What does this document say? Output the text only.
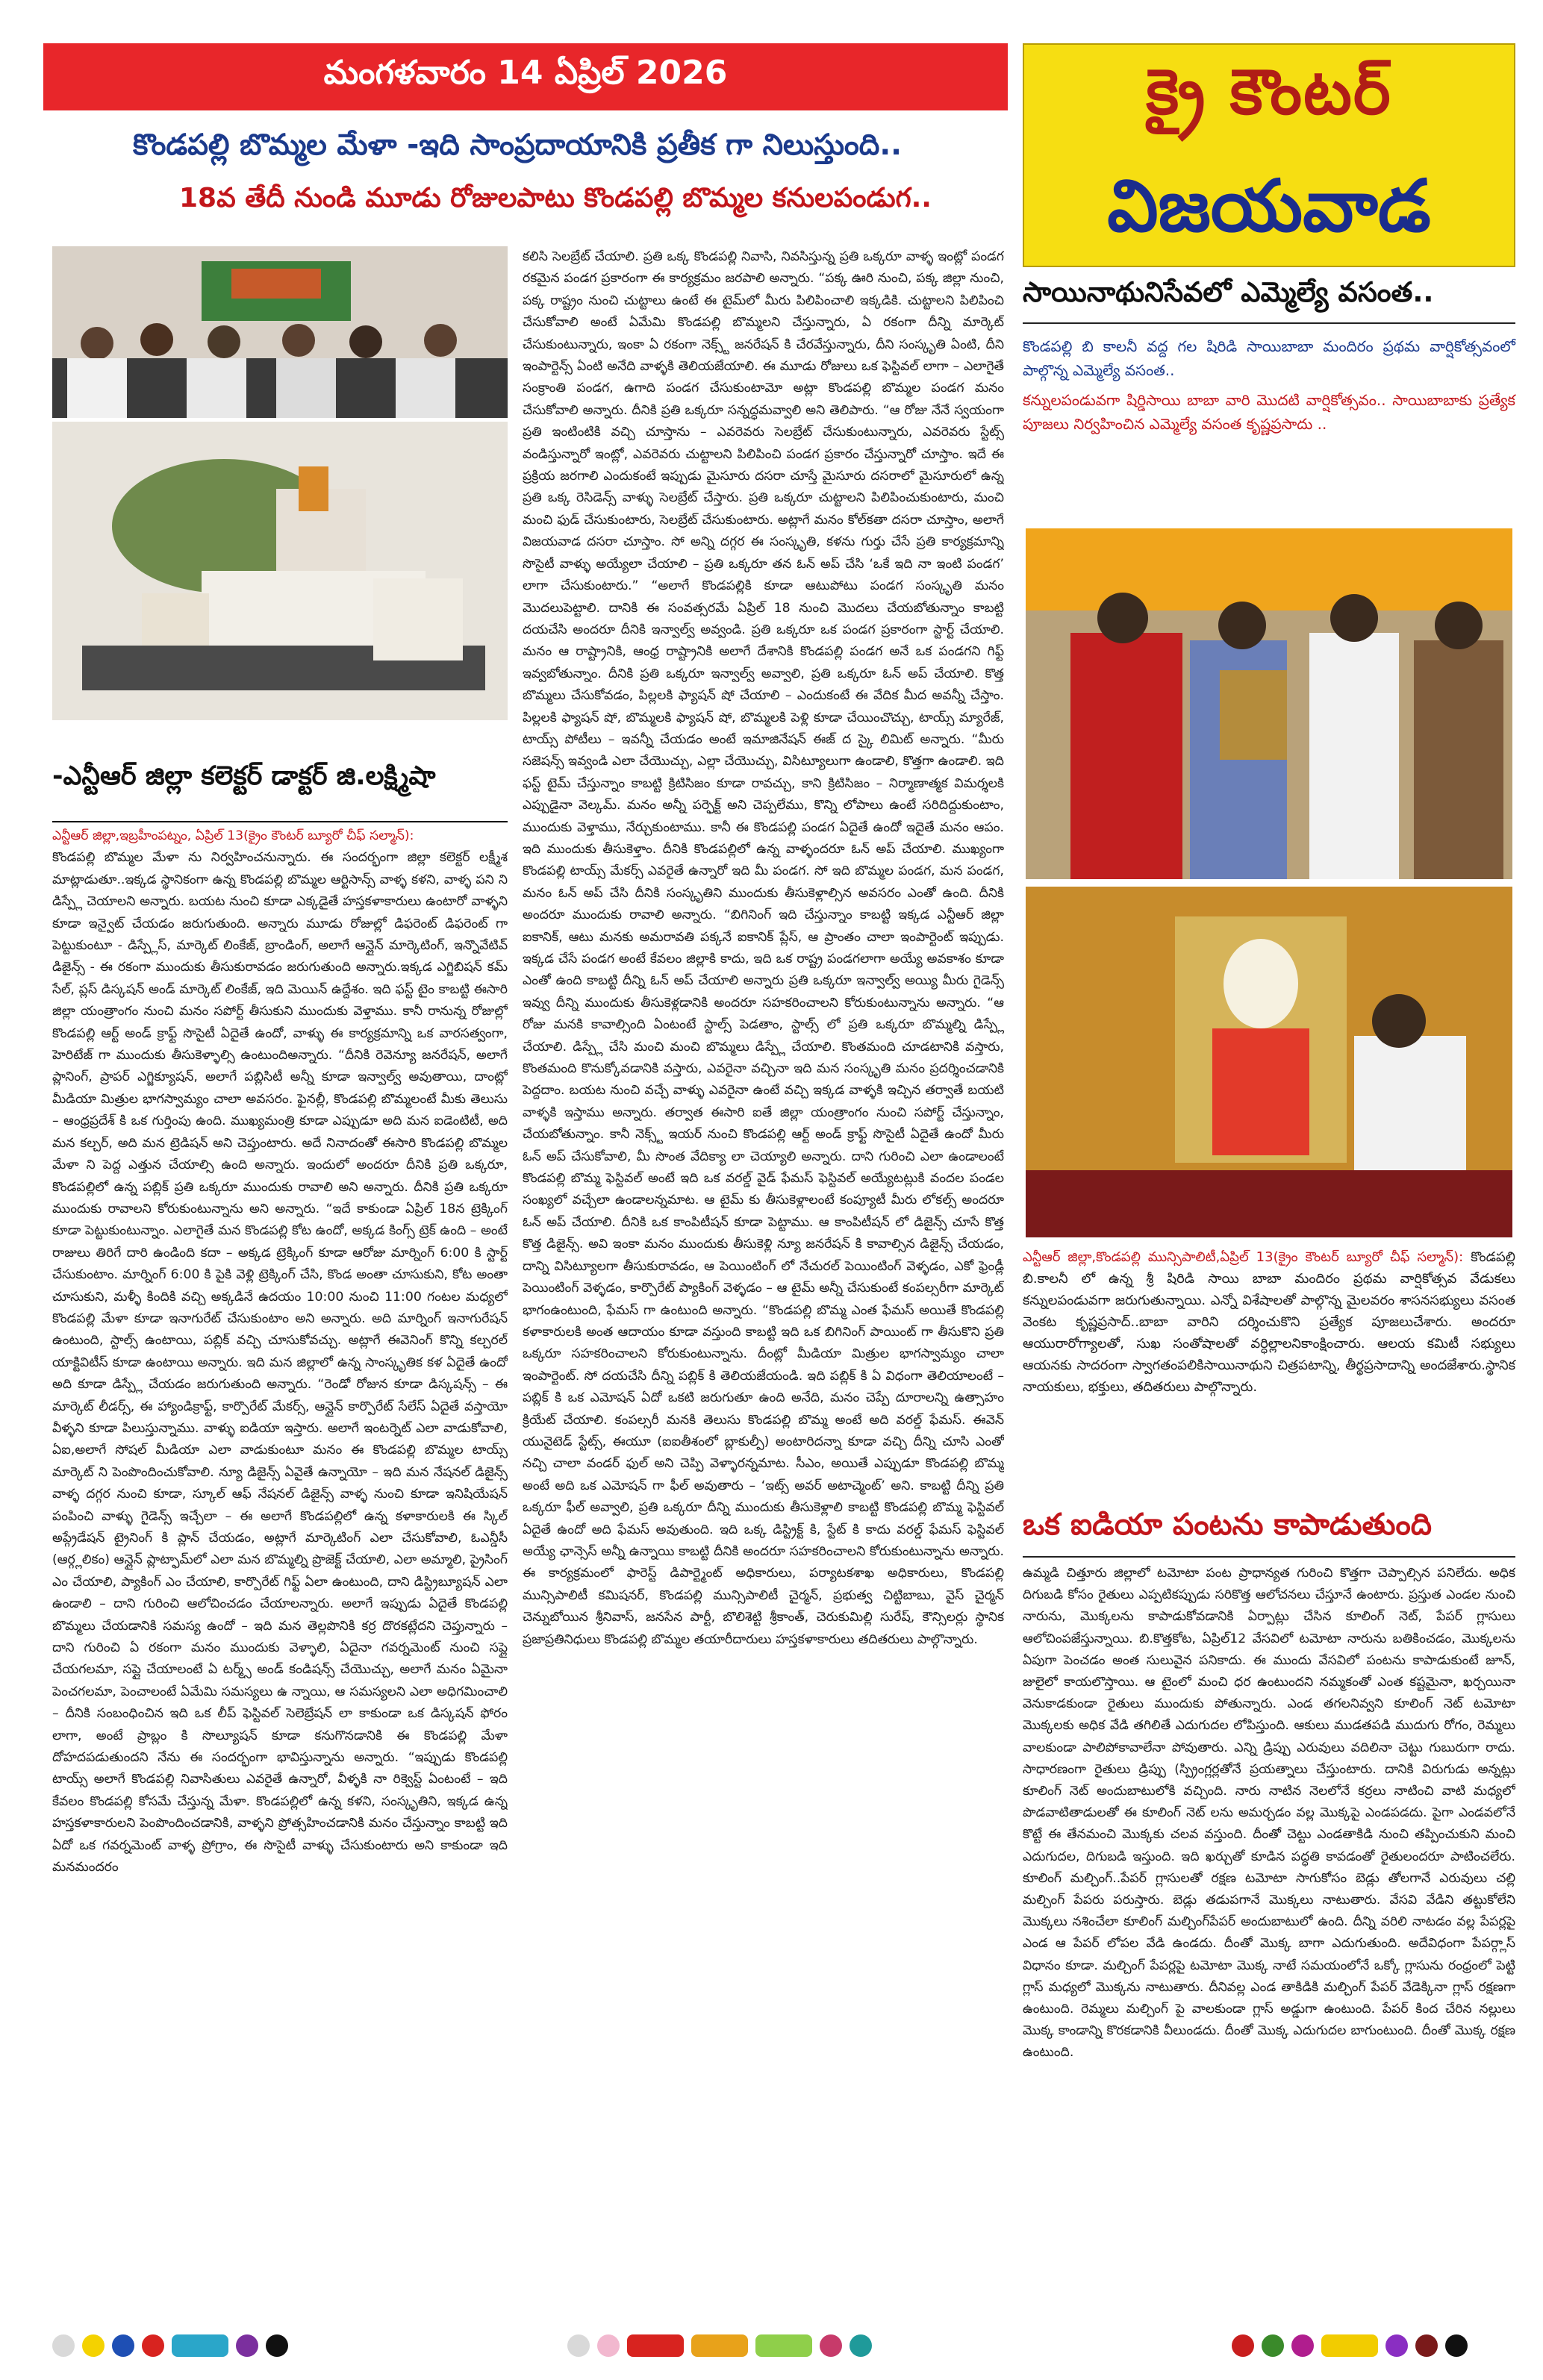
మంగళవారం 14 ఏప్రిల్ 2026	క్రై కౌంటర్
విజయవాడ
కొండపల్లి బొమ్మల మేళా -ఇది సాంప్రదాయానికి ప్రతీక గా నిలుస్తుంది..
18వ తేదీ నుండి మూడు రోజులపాటు కొండపల్లి బొమ్మల కనులపండుగ..
-ఎన్టీఆర్ జిల్లా కలెక్టర్ డాక్టర్ జి.లక్ష్మిషా

ఎన్టీఆర్ జిల్లా,ఇబ్రహీంపట్నం, ఏప్రిల్ 13(క్రైం కౌంటర్ బ్యూరో చీఫ్ సల్మాన్):

కొండపల్లి బొమ్మల మేళా ను నిర్వహించనున్నారు. ఈ సందర్భంగా జిల్లా కలెక్టర్ లక్ష్మీశ మాట్లాడుతూ..ఇక్కడ స్థానికంగా ఉన్న కొండపల్లి బొమ్మల ఆర్టిసాన్స్ వాళ్ళ కళని, వాళ్ళ పని ని డిస్ప్లే చెయాలని అన్నారు. బయట నుంచి కూడా ఎక్కడైతే హస్తకళాకారులు ఉంటారో వాళ్ళని కూడా ఇన్వైట్ చేయడం జరుగుతుంది. అన్నారు మూడు రోజుల్లో డిఫరెంట్ డిఫరెంట్ గా పెట్టుకుంటూ - డిస్ప్లేస్, మార్కెట్ లింకేజ్, బ్రాండింగ్, అలాగే ఆన్లైన్ మార్కెటింగ్, ఇన్నొవేటివ్ డిజైన్స్ - ఈ రకంగా ముందుకు తీసుకురావడం జరుగుతుంది అన్నారు.ఇక్కడ ఎగ్జిబిషన్ కమ్ సేల్, ప్లస్ డిస్కషన్ అండ్ మార్కెట్ లింకేజ్, ఇది మెయిన్ ఉద్దేశం. ఇది ఫస్ట్ టైం కాబట్టి ఈసారి జిల్లా యంత్రాంగం నుంచి మనం సపోర్ట్ తీసుకుని ముందుకు వెళ్తాము. కానీ రానున్న రోజుల్లో కొండపల్లి ఆర్ట్ అండ్ క్రాఫ్ట్ సొసైటీ ఏదైతే ఉందో, వాళ్ళు ఈ కార్యక్రమాన్ని ఒక వారసత్వంగా, హెరిటేజ్ గా ముందుకు తీసుకెళ్ళాల్సి ఉంటుందిఅన్నారు. “దీనికి రెవెన్యూ జనరేషన్, అలాగే ప్లానింగ్, ప్రాపర్ ఎగ్జిక్యూషన్, అలాగే పబ్లిసిటీ అన్నీ కూడా ఇన్వాల్వ్ అవుతాయి, దాంట్లో మీడియా మిత్రుల భాగస్వామ్యం చాలా అవసరం. ఫైనల్లీ, కొండపల్లి బొమ్మలంటే మీకు తెలుసు – ఆంధ్రప్రదేశ్ కి ఒక గుర్తింపు ఉంది. ముఖ్యమంత్రి కూడా ఎప్పుడూ అది మన ఐడెంటిటీ, అది మన కల్చర్, అది మన ట్రెడిషన్ అని చెప్తుంటారు. అదే నినాదంతో ఈసారి కొండపల్లి బొమ్మల మేళా ని పెద్ద ఎత్తున చేయాల్సి ఉంది అన్నారు. ఇందులో అందరూ దీనికి ప్రతి ఒక్కరూ, కొండపల్లిలో ఉన్న పబ్లిక్ ప్రతి ఒక్కరూ ముందుకు రావాలి అని అన్నారు. దీనికి ప్రతి ఒక్కరూ ముందుకు రావాలని కోరుకుంటున్నాను అని అన్నారు. “ఇదే కాకుండా ఏప్రిల్ 18న ట్రెక్కింగ్ కూడా పెట్టుకుంటున్నాం. ఎలాగైతే మన కొండపల్లి కోట ఉందో, అక్కడ కింగ్స్ ట్రెక్ ఉంది – అంటే రాజులు తిరిగే దారి ఉండింది కదా – అక్కడ ట్రెక్కింగ్ కూడా ఆరోజు మార్నింగ్ 6:00 కి స్టార్ట్ చేసుకుంటాం. మార్నింగ్ 6:00 కి పైకి వెళ్లి ట్రెక్కింగ్ చేసి, కొండ అంతా చూసుకుని, కోట అంతా చూసుకుని, మళ్ళీ కిందికి వచ్చి అక్కడినే ఉదయం 10:00 నుంచి 11:00 గంటల మధ్యలో కొండపల్లి మేళా కూడా ఇనాగురేట్ చేసుకుంటాం అని అన్నారు. అది మార్నింగ్ ఇనాగురేషన్ ఉంటుంది, స్టాల్స్ ఉంటాయి, పబ్లిక్ వచ్చి చూసుకోవచ్చు. అట్లాగే ఈవెనింగ్ కొన్ని కల్చరల్ యాక్టివిటీస్ కూడా ఉంటాయి అన్నారు. ఇది మన జిల్లాలో ఉన్న సాంస్కృతిక కళ ఏదైతే ఉందో అది కూడా డిస్ప్లే చేయడం జరుగుతుంది అన్నారు. “రెండో రోజున కూడా డిస్కషన్స్ – ఈ మార్కెట్ లీడర్స్, ఈ హ్యాండిక్రాఫ్ట్, కార్పొరేట్ మేకర్స్, ఆన్లైన్ కార్పొరేట్ సేలేస్ ఏదైతే వస్తాయో వీళ్ళని కూడా పిలుస్తున్నాము. వాళ్ళు ఐడియా ఇస్తారు. అలాగే ఇంటర్నెట్ ఎలా వాడుకోవాలి, ఏఐ,అలాగే సోషల్ మీడియా ఎలా వాడుకుంటూ మనం ఈ కొండపల్లి బొమ్మల టాయ్స్ మార్కెట్ ని పెంపొందించుకోవాలి. న్యూ డిజైన్స్ ఏవైతే ఉన్నాయో – ఇది మన నేషనల్ డిజైన్స్ వాళ్ళ దగ్గర నుంచి కూడా, స్కూల్ ఆఫ్ నేషనల్ డిజైన్స్ వాళ్ళ నుంచి కూడా ఇనిషియేషన్ పంపించి వాళ్ళు గైడెన్స్ ఇచ్చేలా – ఈ అలాగే కొండపల్లిలో ఉన్న కళాకారులకి ఈ స్కిల్ అప్గ్రేడేషన్ ట్రైనింగ్ కి ప్లాన్ చేయడం, అట్లాగే మార్కెటింగ్ ఎలా చేసుకోవాలి, ఓఎన్డీసీ (ఆర్గ్లలికం) ఆన్లైన్ ప్లాట్ఫామ్‌లో ఎలా మన బొమ్మల్ని ప్రొజెక్ట్ చేయాలి, ఎలా అమ్మాలి, ప్రైసింగ్ ఎం చేయాలి, ప్యాకింగ్ ఎం చేయాలి, కార్పొరేట్ గిఫ్ట్ ఏలా ఉంటుంది, దాని డిస్ట్రిబ్యూషన్ ఎలా ఉండాలి – దాని గురించి ఆలోచించడం చేయాలన్నారు. అలాగే ఇప్పుడు ఏదైతే కొండపల్లి బొమ్మలు చేయడానికి సమస్య ఉందో – ఇది మన తెల్లపొనికి కర్ర దొరకట్లేదని చెప్తున్నారు – దాని గురించి ఏ రకంగా మనం ముందుకు వెళ్ళాలి, ఏదైనా గవర్నమెంట్ నుంచి సప్లై చేయగలమా, సప్లై చేయాలంటే ఏ టర్మ్స్ అండ్ కండిషన్స్ చేయొచ్చు, అలాగే మనం ఏమైనా పెంచగలమా, పెంచాలంటే ఏమేమి సమస్యలు ఉ న్నాయి, ఆ సమస్యలని ఎలా అధిగమించాలి – దీనికి సంబంధించిన ఇది ఒక లీప్ ఫెస్టివల్ సెలెబ్రేషన్ లా కాకుండా ఒక డిస్కషన్ ఫోరం లాగా, అంటే ప్రాబ్లం కి సొల్యూషన్ కూడా కనుగొనడానికి ఈ కొండపల్లి మేళా దోహదపడుతుందని నేను ఈ సందర్భంగా భావిస్తున్నాను అన్నారు. “ఇప్పుడు కొండపల్లి టాయ్స్ అలాగే కొండపల్లి నివాసితులు ఎవరైతే ఉన్నారో, వీళ్ళకి నా రిక్వెస్ట్ ఏంటంటే – ఇది కేవలం కొండపల్లి కోసమే చేస్తున్న మేళా. కొండపల్లిలో ఉన్న కళని, సంస్కృతిని, ఇక్కడ ఉన్న హస్తకళాకారులని పెంపొందించడానికి, వాళ్ళని ప్రోత్సహించడానికి మనం చేస్తున్నాం కాబట్టి ఇది ఏదో ఒక గవర్నమెంట్ వాళ్ళ ప్రోగ్రాం, ఈ సొసైటీ వాళ్ళు చేసుకుంటారు అని కాకుండా ఇది మనమందరం

కలిసి సెలబ్రేట్ చేయాలి. ప్రతి ఒక్క కొండపల్లి నివాసి, నివసిస్తున్న ప్రతి ఒక్కరూ వాళ్ళ ఇంట్లో పండగ రకమైన పండగ ప్రకారంగా ఈ కార్యక్రమం జరపాలి అన్నారు. “పక్క ఊరి నుంచి, పక్క జిల్లా నుంచి, పక్క రాష్ట్రం నుంచి చుట్టాలు ఉంటే ఈ టైమ్‌లో మీరు పిలిపించాలి ఇక్కడికి. చుట్టాలని పిలిపించి చేసుకోవాలి అంటే ఏమేమి కొండపల్లి బొమ్మలని చేస్తున్నారు, ఏ రకంగా దీన్ని మార్కెట్ చేసుకుంటున్నారు, ఇంకా ఏ రకంగా నెక్స్ట్ జనరేషన్ కి చేరవేస్తున్నారు, దీని సంస్కృతి ఏంటి, దీని ఇంపార్టెన్స్ ఏంటి అనేది వాళ్ళకి తెలియజేయాలి. ఈ మూడు రోజులు ఒక ఫెస్టివల్ లాగా – ఎలాగైతే సంక్రాంతి పండగ, ఉగాది పండగ చేసుకుంటామో అట్లా కొండపల్లి బొమ్మల పండగ మనం చేసుకోవాలి అన్నారు. దీనికి ప్రతి ఒక్కరూ సన్నద్ధమవ్వాలి అని తెలిపారు. “ఆ రోజు నేనే స్వయంగా ప్రతి ఇంటింటికి వచ్చి చూస్తాను – ఎవరెవరు సెలబ్రేట్ చేసుకుంటున్నారు, ఎవరెవరు స్టేట్స్ వండిస్తున్నారో ఇంట్లో, ఎవరెవరు చుట్టాలని పిలిపించి పండగ ప్రకారం చేస్తున్నారో చూస్తాం. ఇదే ఈ ప్రక్రియ జరగాలి ఎందుకంటే ఇప్పుడు మైసూరు దసరా చూస్తే మైసూరు దసరాలో మైసూరులో ఉన్న ప్రతి ఒక్క రెసిడెన్స్ వాళ్ళు సెలబ్రేట్ చేస్తారు. ప్రతి ఒక్కరూ చుట్టాలని పిలిపించుకుంటారు, మంచి మంచి ఫుడ్ చేసుకుంటారు, సెలబ్రేట్ చేసుకుంటారు. అట్లాగే మనం కోల్‌కతా దసరా చూస్తాం, అలాగే విజయవాడ దసరా చూస్తాం. సో అన్ని దగ్గర ఈ సంస్కృతి, కళను గుర్తు చేసే ప్రతి కార్యక్రమాన్ని సొసైటీ వాళ్ళు అయ్యేలా చేయాలి – ప్రతి ఒక్కరూ తన ఓన్ అప్ చేసి ‘ఒకే ఇది నా ఇంటి పండగ’ లాగా చేసుకుంటారు.” “అలాగే కొండపల్లికి కూడా ఆటుపోటు పండగ సంస్కృతి మనం మొదలుపెట్టాలి. దానికి ఈ సంవత్సరమే ఏప్రిల్ 18 నుంచి మొదలు చేయబోతున్నాం కాబట్టి దయచేసి అందరూ దీనికి ఇన్వాల్వ్ అవ్వండి. ప్రతి ఒక్కరూ ఒక పండగ ప్రకారంగా స్టార్ట్ చేయాలి. మనం ఆ రాష్ట్రానికి, ఆంధ్ర రాష్ట్రానికి అలాగే దేశానికి కొండపల్లి పండగ అనే ఒక పండగని గిఫ్ట్ ఇవ్వబోతున్నాం. దీనికి ప్రతి ఒక్కరూ ఇన్వాల్వ్ అవ్వాలి, ప్రతి ఒక్కరూ ఓన్ అప్ చేయాలి. కొత్త బొమ్మలు చేసుకోవడం, పిల్లలకి ఫ్యాషన్ షో చేయాలి – ఎందుకంటే ఈ వేదిక మీద అవన్నీ చేస్తాం. పిల్లలకి ఫ్యాషన్ షో, బొమ్మలకి ఫ్యాషన్ షో, బొమ్మలకి పెళ్లి కూడా చేయించొచ్చు, టాయ్స్ మ్యారేజ్, టాయ్స్ పోటీలు – ఇవన్నీ చేయడం అంటే ఇమాజినేషన్ ఈజ్ ద స్కై లిమిట్ అన్నారు. “మీరు సజెషన్స్ ఇవ్వండి ఎలా చేయొచ్చు, ఎల్లా చేయొచ్చు, విసిట్యూలుగా ఉండాలి, కొత్తగా ఉండాలి. ఇది ఫస్ట్ టైమ్ చేస్తున్నాం కాబట్టి క్రిటిసిజం కూడా రావచ్చు, కాని క్రిటిసిజం – నిర్మాణాత్మక విమర్శలకి ఎప్పుడైనా వెల్కమ్. మనం అన్నీ పర్ఫెక్ట్ అని చెప్పలేము, కొన్ని లోపాలు ఉంటే సరిదిద్దుకుంటాం, ముందుకు వెళ్తాము, నేర్చుకుంటాము. కానీ ఈ కొండపల్లి పండగ ఏదైతే ఉందో ఇదైతే మనం ఆపం. ఇది ముందుకు తీసుకెళ్తాం. దీనికి కొండపల్లిలో ఉన్న వాళ్ళందరూ ఓన్ అప్ చేయాలి. ముఖ్యంగా కొండపల్లి టాయ్స్ మేకర్స్ ఎవరైతే ఉన్నారో ఇది మీ పండగ. సో ఇది బొమ్మల పండగ, మన పండగ, మనం ఓన్ అప్ చేసి దీనికి సంస్కృతిని ముందుకు తీసుకెళ్లాల్సిన అవసరం ఎంతో ఉంది. దీనికి అందరూ ముందుకు రావాలి అన్నారు. “బిగినింగ్ ఇది చేస్తున్నాం కాబట్టి ఇక్కడ ఎన్టీఆర్ జిల్లా ఐకానిక్, ఆటు మనకు అమరావతి పక్కనే ఐకానిక్ ప్లేస్, ఆ ప్రాంతం చాలా ఇంపార్టెంట్ ఇప్పుడు. ఇక్కడ చేసే పండగ అంటే కేవలం జిల్లాకి కాదు, ఇది ఒక రాష్ట్ర పండగలాగా అయ్యే అవకాశం కూడా ఎంతో ఉంది కాబట్టి దీన్ని ఓన్ అప్ చేయాలి అన్నారు ప్రతి ఒక్కరూ ఇన్వాల్వ్ అయ్యి మీరు గైడెన్స్ ఇవ్వు దీన్ని ముందుకు తీసుకెళ్లడానికి అందరూ సహకరించాలని కోరుకుంటున్నాను అన్నారు. “ఆ రోజు మనకి కావాల్సింది ఏంటంటే స్టాల్స్ పెడతాం, స్టాల్స్ లో ప్రతి ఒక్కరూ బొమ్మల్ని డిస్ప్లే చేయాలి. డిస్ప్లే చేసి మంచి మంచి బొమ్మలు డిస్ప్లే చేయాలి. కొంతమంది చూడటానికి వస్తారు, కొంతమంది కొనుక్కోవడానికి వస్తారు, ఎవరైనా వచ్చినా ఇది మన సంస్కృతి మనం ప్రదర్శించడానికి పెద్దదాం. బయట నుంచి వచ్చే వాళ్ళు ఎవరైనా ఉంటే వచ్చి ఇక్కడ వాళ్ళకి ఇచ్చిన తర్వాతే బయటి వాళ్ళకి ఇస్తాము అన్నారు. తర్వాత ఈసారి ఐతే జిల్లా యంత్రాంగం నుంచి సపోర్ట్ చేస్తున్నాం, చేయబోతున్నాం. కానీ నెక్స్ట్ ఇయర్ నుంచి కొండపల్లి ఆర్ట్ అండ్ క్రాఫ్ట్ సొసైటీ ఏదైతే ఉందో మీరు ఓన్ అప్ చేసుకోవాలి, మీ సొంత వేదిక్యా లా చెయ్యాలి అన్నారు. దాని గురించి ఎలా ఉండాలంటే కొండపల్లి బొమ్మ ఫెస్టివల్ అంటే ఇది ఒక వరల్డ్ వైడ్ ఫేమస్ ఫెస్టివల్ అయ్యేటట్లుకి వందల పండల సంఖ్యలో వచ్చేలా ఉండాలన్నమాట. ఆ టైమ్ కు తీసుకెళ్లాలంటే కంప్యూటీ మీరు లోకల్స్ అందరూ ఓన్ అప్ చేయాలి. దీనికి ఒక కాంపిటీషన్ కూడా పెట్టాము. ఆ కాంపిటీషన్ లో డిజైన్స్ చూసే కొత్త కొత్త డిజైన్స్. అవి ఇంకా మనం ముందుకు తీసుకెళ్లి న్యూ జనరేషన్ కి కావాల్సిన డిజైన్స్ చేయడం, దాన్ని విసిట్యూలగా తీసుకురావడం, ఆ పెయింటింగ్ లో నేచురల్ పెయింటింగ్ వెళ్ళడం, ఎకో ఫ్రెండ్లీ పెయింటింగ్ వెళ్ళడం, కార్పొరేట్ ప్యాకింగ్ వెళ్ళడం – ఆ టైమ్ అన్నీ చేసుకుంటే కంపల్సరీగా మార్కెట్ భాగంఉంటుంది, ఫేమస్ గా ఉంటుంది అన్నారు. “కొండపల్లి బొమ్మ ఎంత ఫేమస్ అయితే కొండపల్లి కళాకారులకి అంత ఆదాయం కూడా వస్తుంది కాబట్టి ఇది ఒక బిగినింగ్ పాయింట్ గా తీసుకొని ప్రతి ఒక్కరూ సహకరించాలని కోరుకుంటున్నాను. దీంట్లో మీడియా మిత్రుల భాగస్వామ్యం చాలా ఇంపార్టెంట్. సో దయచేసి దీన్ని పబ్లిక్ కి తెలియజేయండి. ఇది పబ్లిక్ కి ఏ విధంగా తెలియాలంటే – పబ్లిక్ కి ఒక ఎమోషన్ ఏదో ఒకటి జరుగుతూ ఉంది అనేది, మనం చెప్పే దూరాలన్ని ఉత్సాహం క్రియేట్ చేయాలి. కంపల్సరీ మనకి తెలుసు కొండపల్లి బొమ్మ అంటే అది వరల్డ్ ఫేమస్. ఈవెన్ యునైటెడ్ స్టేట్స్, ఈయూ (ఐఐతీశంలో బ్లాకుల్పీ) అంటారిదన్నా కూడా వచ్చి దీన్ని చూసి ఎంతో నచ్చి చాలా వండర్ ఫుల్ అని చెప్పి వెళ్ళారన్నమాట. సీఎం, అయితే ఎప్పుడూ కొండపల్లి బొమ్మ అంటే అది ఒక ఎమోషన్ గా ఫీల్ అవుతారు – ‘ఇట్స్ అవర్ అటాచ్మెంట్’ అని. కాబట్టి దీన్ని ప్రతి ఒక్కరూ ఫీల్ అవ్వాలి, ప్రతి ఒక్కరూ దీన్ని ముందుకు తీసుకెళ్లాలి కాబట్టి కొండపల్లి బొమ్మ ఫెస్టివల్ ఏదైతే ఉందో అది ఫేమస్ అవుతుంది. ఇది ఒక్క డిస్ట్రిక్ట్ కి, స్టేట్ కి కాదు వరల్డ్ ఫేమస్ ఫెస్టివల్ అయ్యే ఛాన్సెస్ అన్నీ ఉన్నాయి కాబట్టి దీనికి అందరూ సహకరించాలని కోరుకుంటున్నాను అన్నారు. ఈ కార్యక్రమంలో ఫారెస్ట్ డిపార్ట్మెంట్ అధికారులు, పర్యాటకశాఖ అధికారులు, కొండపల్లి మున్సిపాలిటీ కమిషనర్, కొండపల్లి మున్సిపాలిటీ చైర్మన్, ప్రభుత్వ చిట్టిబాబు, వైస్ చైర్మన్ చెన్నుబోయిన శ్రీనివాస్, జనసేన పార్టీ, బొలిశెట్టి శ్రీకాంత్, చెరుకుమిల్లి సురేష్, కౌన్సిలర్లు స్థానిక ప్రజాప్రతినిధులు కొండపల్లి బొమ్మల తయారీదారులు హస్తకళాకారులు తదితరులు పాల్గొన్నారు.

సాయినాథునిసేవలో ఎమ్మెల్యే వసంత..
కొండపల్లి బి కాలనీ వద్ద గల షిరిడి సాయిబాబా మందిరం ప్రథమ వార్షికోత్సవంలో పాల్గొన్న ఎమ్మెల్యే వసంత..
కన్నులపండువగా షిర్డిసాయి బాబా వారి మొదటి వార్షికోత్సవం.. సాయిబాబాకు ప్రత్యేక పూజలు నిర్వహించిన ఎమ్మెల్యే వసంత కృష్ణప్రసాదు ..
ఎన్టీఆర్ జిల్లా,కొండపల్లి మున్సిపాలిటీ,ఏప్రిల్ 13(క్రైం కౌంటర్ బ్యూరో చీఫ్ సల్మాన్): కొండపల్లి బి.కాలనీ లో ఉన్న శ్రీ షిరిడి సాయి బాబా మందిరం ప్రథమ వార్షికోత్సవ వేడుకలు కన్నులపండువగా జరుగుతున్నాయి. ఎన్నో విశేషాలతో పాల్గొన్న మైలవరం శాసనసభ్యులు వసంత వెంకట కృష్ణప్రసాద్..బాబా వారిని దర్శించుకొని ప్రత్యేక పూజలుచేశారు. అందరూ ఆయురారోగ్యాలతో, సుఖ సంతోషాలతో వర్ధిల్లాలనికాంక్షించారు. ఆలయ కమిటీ సభ్యులు ఆయనకు సాదరంగా స్వాగతంపలికిసాయినాథుని చిత్రపటాన్ని, తీర్థప్రసాదాన్ని అందజేశారు.స్థానిక నాయకులు, భక్తులు, తదితరులు పాల్గొన్నారు.
ఒక ఐడియా పంటను కాపాడుతుంది
ఉమ్మడి చిత్తూరు జిల్లాలో టమోటా పంట ప్రాధాన్యత గురించి కొత్తగా చెప్పాల్సిన పనిలేదు. అధిక దిగుబడి కోసం రైతులు ఎప్పటికప్పుడు సరికొత్త ఆలోచనలు చేస్తూనే ఉంటారు. ప్రస్తుత ఎండల నుంచి నారును, మొక్కలను కాపాడుకోవడానికి ఏర్పాట్లు చేసిన కూలింగ్ నెట్, పేపర్ గ్లాసులు ఆలోచింపజేస్తున్నాయి. బి.కొత్తకోట, ఏప్రిల్12 వేసవిలో టమోటా నారును బతికించడం, మొక్కలను ఏపుగా పెంచడం అంత సులువైన పనికాదు. ఈ ముందు వేసవిలో పంటను కాపాడుకుంటే జూన్, జులైలో కాయలొస్తాయి. ఆ టైంలో మంచి ధర ఉంటుందని నమ్మకంతో ఎంత కష్టమైనా, ఖర్చయినా వెనుకాడకుండా రైతులు ముందుకు పోతున్నారు. ఎండ తగలనివ్వని కూలింగ్ నెట్ టమోటా మొక్కలకు అధిక వేడి తగిలితే ఎదుగుదల లోపిస్తుంది. ఆకులు ముడతపడి ముదుగు రోగం, రెమ్మలు వాలకుండా పాలిపోకావాలేనా పోవుతారు. ఎన్ని డ్రిప్పు ఎరువులు వదిలినా చెట్టు గుబురుగా రాదు. సాధారణంగా రైతులు డ్రిప్పు (స్ప్రింగ్లర్లతోనే ప్రయత్నాలు చేస్తుంటారు. దానికి విరుగుడు అన్నట్లు కూలింగ్ నెట్ అందుబాటులోకి వచ్చింది. నారు నాటిన నెలలోనే కర్రలు నాటించి వాటి మధ్యలో పొడవాటితాడులతో ఈ కూలింగ్ నెట్ లను అమర్చడం వల్ల మొక్కపై ఎండపడదు. పైగా ఎండవలోనే కొట్టే ఈ తేనమంచి మొక్కకు చలవ వస్తుంది. దీంతో చెట్టు ఎండతాకిడి నుంచి తప్పించుకుని మంచి ఎదుగుదల, దిగుబడి ఇస్తుంది. ఇది ఖర్చుతో కూడిన పద్ధతి కావడంతో రైతులందరూ పాటించలేరు. కూలింగ్ మల్చింగ్..పేపర్ గ్లాసులతో రక్షణ టమోటా సాగుకోసం బెడ్లు తోలగానే ఎరువులు చల్లి మల్చింగ్ పేపరు పరుస్తారు. బెడ్లు తడుపగానే మొక్కలు నాటుతారు. వేసవి వేడిని తట్టుకోలేని మొక్కలు నశించేలా కూలింగ్ మల్చింగ్‌పేపర్ అందుబాటులో ఉంది. దీన్ని వరిలి నాటడం వల్ల పేపర్లపై ఎండ ఆ పేపర్ లోపల వేడి ఉండదు. దీంతో మొక్క బాగా ఎదుగుతుంది. అదేవిధంగా పేపర్గ్లాస్ విధానం కూడా. మల్చింగ్ పేపర్లపై టమోటా మొక్క నాటే సమయంలోనే ఒక్కో గ్లాసును రంధ్రంలో పెట్టి గ్లాస్ మధ్యలో మొక్కను నాటుతారు. దీనివల్ల ఎండ తాకిడికి మల్చింగ్ పేపర్ వేడెక్కినా గ్లాస్ రక్షణగా ఉంటుంది. రెమ్మలు మల్చింగ్ పై వాలకుండా గ్లాస్ అడ్డుగా ఉంటుంది. పేపర్ కింద చేరిన నల్లులు మొక్క కాండాన్ని కొరకడానికి వీలుండదు. దీంతో మొక్క ఎదుగుదల బాగుంటుంది. దీంతో మొక్క రక్షణ ఉంటుంది.
